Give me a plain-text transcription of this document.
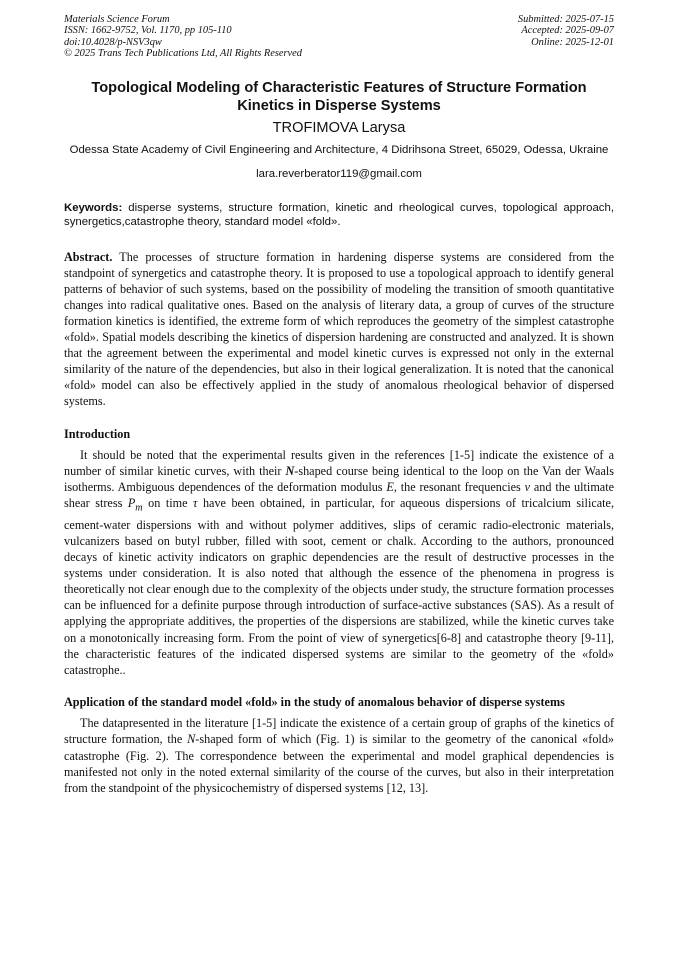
Materials Science Forum
ISSN: 1662-9752, Vol. 1170, pp 105-110
doi:10.4028/p-NSV3qw
© 2025 Trans Tech Publications Ltd, All Rights Reserved
Submitted: 2025-07-15
Accepted: 2025-09-07
Online: 2025-12-01
Topological Modeling of Characteristic Features of Structure Formation Kinetics in Disperse Systems
TROFIMOVA Larysa
Odessa State Academy of Civil Engineering and Architecture, 4 Didrihsona Street, 65029, Odessa, Ukraine
lara.reverberator119@gmail.com
Keywords: disperse systems, structure formation, kinetic and rheological curves, topological approach, synergetics,catastrophe theory, standard model «fold».
Abstract. The processes of structure formation in hardening disperse systems are considered from the standpoint of synergetics and catastrophe theory. It is proposed to use a topological approach to identify general patterns of behavior of such systems, based on the possibility of modeling the transition of smooth quantitative changes into radical qualitative ones. Based on the analysis of literary data, a group of curves of the structure formation kinetics is identified, the extreme form of which reproduces the geometry of the simplest catastrophe «fold». Spatial models describing the kinetics of dispersion hardening are constructed and analyzed. It is shown that the agreement between the experimental and model kinetic curves is expressed not only in the external similarity of the nature of the dependencies, but also in their logical generalization. It is noted that the canonical «fold» model can also be effectively applied in the study of anomalous rheological behavior of dispersed systems.
Introduction
It should be noted that the experimental results given in the references [1-5] indicate the existence of a number of similar kinetic curves, with their N-shaped course being identical to the loop on the Van der Waals isotherms. Ambiguous dependences of the deformation modulus E, the resonant frequencies ν and the ultimate shear stress $P_m$ on time τ have been obtained, in particular, for aqueous dispersions of tricalcium silicate, cement-water dispersions with and without polymer additives, slips of ceramic radio-electronic materials, vulcanizers based on butyl rubber, filled with soot, cement or chalk. According to the authors, pronounced decays of kinetic activity indicators on graphic dependencies are the result of destructive processes in the systems under consideration. It is also noted that although the essence of the phenomena in progress is theoretically not clear enough due to the complexity of the objects under study, the structure formation processes can be influenced for a definite purpose through introduction of surface-active substances (SAS). As a result of applying the appropriate additives, the properties of the dispersions are stabilized, while the kinetic curves take on a monotonically increasing form. From the point of view of synergetics[6-8] and catastrophe theory [9-11], the characteristic features of the indicated dispersed systems are similar to the geometry of the «fold» catastrophe..
Application of the standard model «fold» in the study of anomalous behavior of disperse systems
The datapresented in the literature [1-5] indicate the existence of a certain group of graphs of the kinetics of structure formation, the N-shaped form of which (Fig. 1) is similar to the geometry of the canonical «fold» catastrophe (Fig. 2). The correspondence between the experimental and model graphical dependencies is manifested not only in the noted external similarity of the course of the curves, but also in their interpretation from the standpoint of the physicochemistry of dispersed systems [12, 13].
